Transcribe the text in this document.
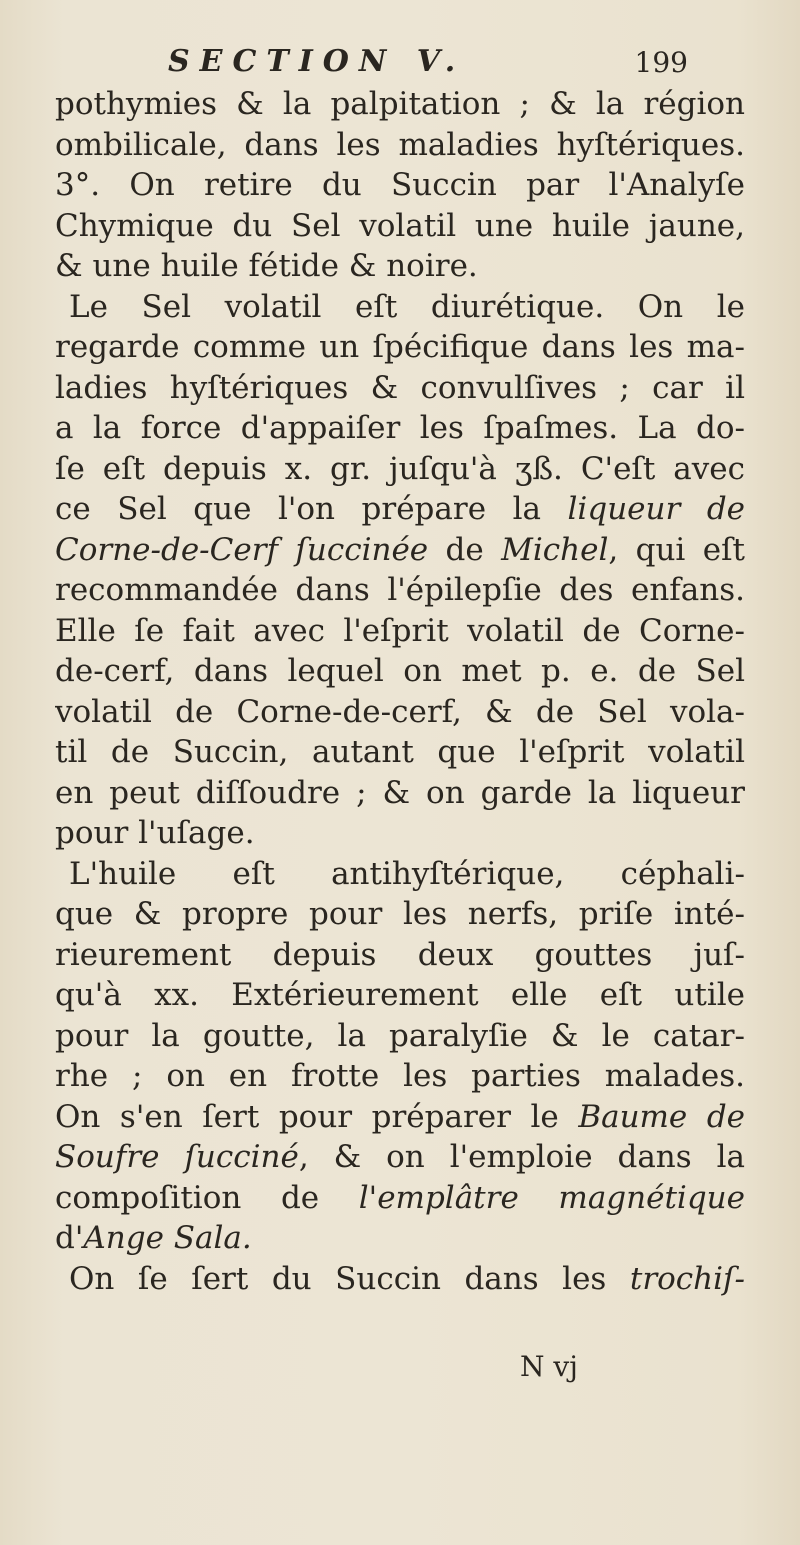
SECTION V.	199
pothymies & la palpitation ; & la région
ombilicale, dans les maladies hyſtériques.
3°. On retire du Succin par l'Analyſe
Chymique du Sel volatil une huile jaune,
& une huile fétide & noire.
Le Sel volatil eſt diurétique. On le
regarde comme un ſpécifique dans les ma-
ladies hyſtériques & convulſives ; car il
a la force d'appaiſer les ſpaſmes. La do-
ſe eſt depuis x. gr. juſqu'à ʒß. C'eſt avec
ce Sel que l'on prépare la liqueur de
Corne-de-Cerf ſuccinée de Michel, qui eſt
recommandée dans l'épilepſie des enfans.
Elle ſe fait avec l'eſprit volatil de Corne-
de-cerf, dans lequel on met p. e. de Sel
volatil de Corne-de-cerf, & de Sel vola-
til de Succin, autant que l'eſprit volatil
en peut diſſoudre ; & on garde la liqueur
pour l'uſage.
L'huile eſt antihyſtérique, céphali-
que & propre pour les nerfs, priſe inté-
rieurement depuis deux gouttes juſ-
qu'à xx. Extérieurement elle eſt utile
pour la goutte, la paralyſie & le catar-
rhe ; on en frotte les parties malades.
On s'en ſert pour préparer le Baume de
Soufre ſucciné, & on l'emploie dans la
compoſition de l'emplâtre magnétique
d'Ange Sala.
On ſe ſert du Succin dans les trochiſ-
N vj
